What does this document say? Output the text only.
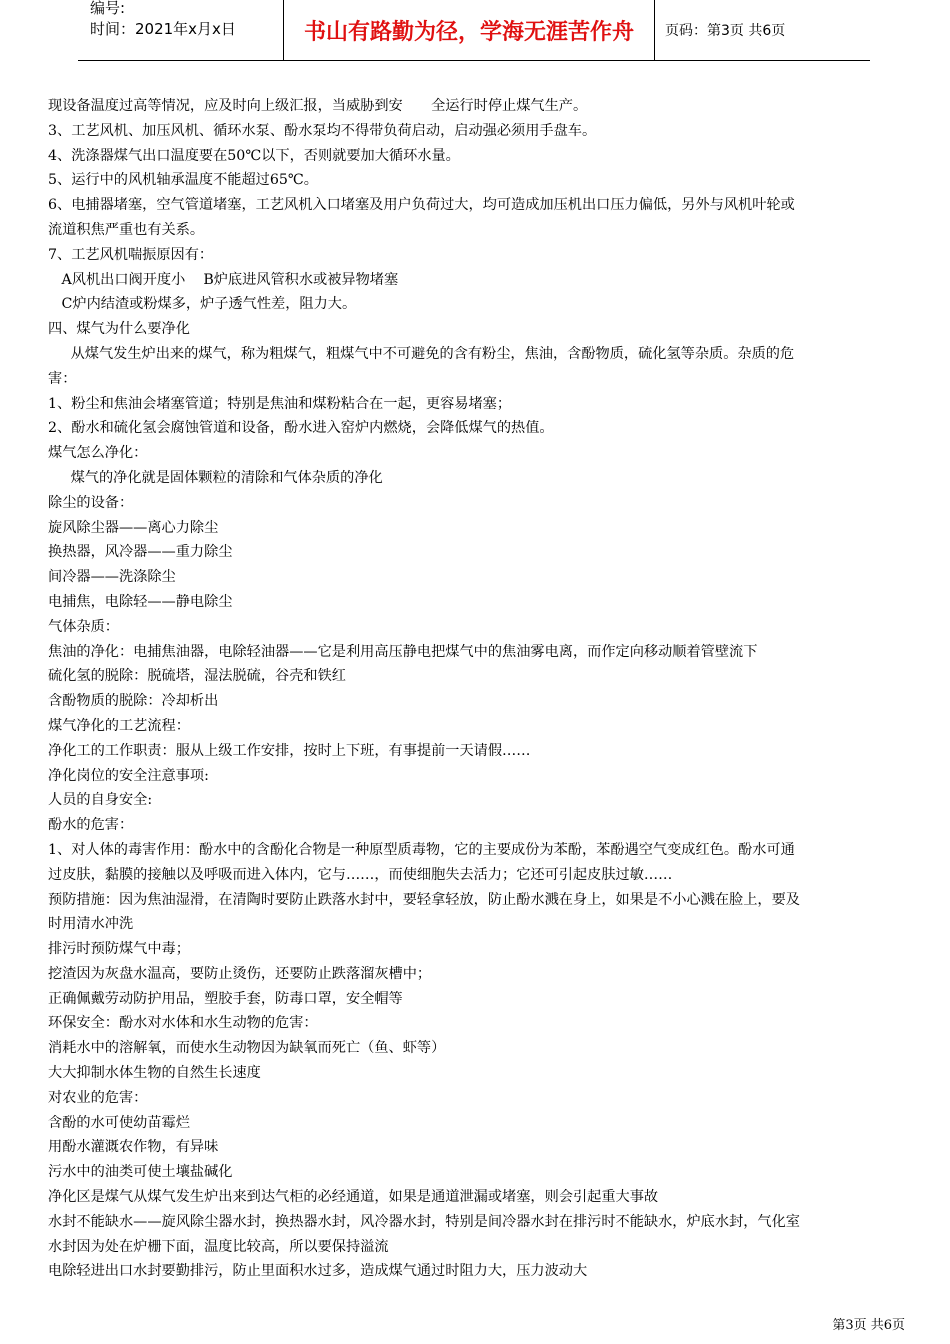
编号:
时间：2021年x月x日	书山有路勤为径，学海无涯苦作舟	页码：第3页 共6页

现设备温度过高等情况，应及时向上级汇报，当威胁到安　　全运行时停止煤气生产。

3、工艺风机、加压风机、循环水泵、酚水泵均不得带负荷启动，启动强必须用手盘车。

4、洗涤器煤气出口温度要在50℃以下，否则就要加大循环水量。

5、运行中的风机轴承温度不能超过65℃。

6、电捕器堵塞，空气管道堵塞，工艺风机入口堵塞及用户负荷过大，均可造成加压机出口压力偏低，另外与风机叶轮或

流道积焦严重也有关系。

7、工艺风机喘振原因有：

A风机出口阀开度小    B炉底进风管积水或被异物堵塞

C炉内结渣或粉煤多，炉子透气性差，阻力大。

四、煤气为什么要净化

从煤气发生炉出来的煤气，称为粗煤气，粗煤气中不可避免的含有粉尘，焦油，含酚物质，硫化氢等杂质。杂质的危

害：

1、粉尘和焦油会堵塞管道；特别是焦油和煤粉粘合在一起，更容易堵塞；

2、酚水和硫化氢会腐蚀管道和设备，酚水进入窑炉内燃烧，会降低煤气的热值。

煤气怎么净化：

煤气的净化就是固体颗粒的清除和气体杂质的净化

除尘的设备：

旋风除尘器——离心力除尘

换热器，风冷器——重力除尘

间冷器——洗涤除尘

电捕焦，电除轻——静电除尘

气体杂质：

焦油的净化：电捕焦油器，电除轻油器——它是利用高压静电把煤气中的焦油雾电离，而作定向移动顺着管壁流下

硫化氢的脱除：脱硫塔，湿法脱硫，谷壳和铁红

含酚物质的脱除：冷却析出

煤气净化的工艺流程：

净化工的工作职责：服从上级工作安排，按时上下班，有事提前一天请假……

净化岗位的安全注意事项:

人员的自身安全:

酚水的危害：

1、对人体的毒害作用：酚水中的含酚化合物是一种原型质毒物，它的主要成份为苯酚，苯酚遇空气变成红色。酚水可通

过皮肤，黏膜的接触以及呼吸而进入体内，它与……，而使细胞失去活力；它还可引起皮肤过敏……

预防措施：因为焦油湿滑，在清陶时要防止跌落水封中，要轻拿轻放，防止酚水溅在身上，如果是不小心溅在脸上，要及

时用清水冲洗

排污时预防煤气中毒；

挖渣因为灰盘水温高，要防止烫伤，还要防止跌落溜灰槽中；

正确佩戴劳动防护用品，塑胶手套，防毒口罩，安全帽等

环保安全：酚水对水体和水生动物的危害：

消耗水中的溶解氧，而使水生动物因为缺氧而死亡（鱼、虾等）

大大抑制水体生物的自然生长速度

对农业的危害：

含酚的水可使幼苗霉烂

用酚水灌溉农作物，有异味

污水中的油类可使土壤盐碱化

净化区是煤气从煤气发生炉出来到达气柜的必经通道，如果是通道泄漏或堵塞，则会引起重大事故

水封不能缺水——旋风除尘器水封，换热器水封，风冷器水封，特别是间冷器水封在排污时不能缺水，炉底水封，气化室

水封因为处在炉栅下面，温度比较高，所以要保持溢流

电除轻进出口水封要勤排污，防止里面积水过多，造成煤气通过时阻力大，压力波动大

第3页 共6页
